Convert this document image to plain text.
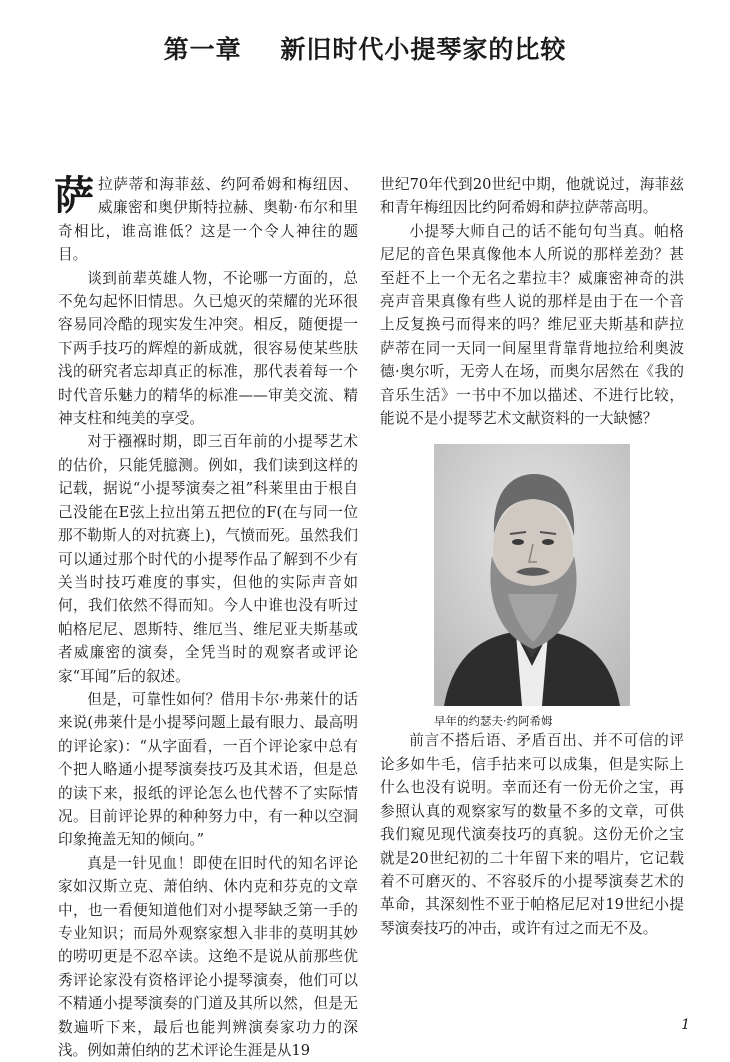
第一章    新旧时代小提琴家的比较

萨拉萨蒂和海菲兹、约阿希姆和梅纽因、威廉密和奥伊斯特拉赫、奥勒·布尔和里奇相比，谁高谁低？这是一个令人神往的题目。

谈到前辈英雄人物，不论哪一方面的，总不免勾起怀旧情思。久已熄灭的荣耀的光环很容易同冷酷的现实发生冲突。相反，随便提一下两手技巧的辉煌的新成就，很容易使某些肤浅的研究者忘却真正的标准，那代表着每一个时代音乐魅力的精华的标准——审美交流、精神支柱和纯美的享受。

对于襁褓时期，即三百年前的小提琴艺术的估价，只能凭臆测。例如，我们读到这样的记载，据说“小提琴演奏之祖”科莱里由于根自己没能在E弦上拉出第五把位的F(在与同一位那不勒斯人的对抗赛上)，气愤而死。虽然我们可以通过那个时代的小提琴作品了解到不少有关当时技巧难度的事实，但他的实际声音如何，我们依然不得而知。今人中谁也没有听过帕格尼尼、恩斯特、维厄当、维尼亚夫斯基或者威廉密的演奏，全凭当时的观察者或评论家“耳闻”后的叙述。

但是，可靠性如何？借用卡尔·弗莱什的话来说(弗莱什是小提琴问题上最有眼力、最高明的评论家)：“从字面看，一百个评论家中总有个把人略通小提琴演奏技巧及其术语，但是总的读下来，报纸的评论怎么也代替不了实际情况。目前评论界的种种努力中，有一种以空洞印象掩盖无知的倾向。”

真是一针见血！即使在旧时代的知名评论家如汉斯立克、萧伯纳、休内克和芬克的文章中，也一看便知道他们对小提琴缺乏第一手的专业知识；而局外观察家想入非非的莫明其妙的唠叨更是不忍卒读。这绝不是说从前那些优秀评论家没有资格评论小提琴演奏，他们可以不精通小提琴演奏的门道及其所以然，但是无数遍听下来，最后也能判辨演奏家功力的深浅。例如萧伯纳的艺术评论生涯是从19

世纪70年代到20世纪中期，他就说过，海菲兹和青年梅纽因比约阿希姆和萨拉萨蒂高明。

小提琴大师自己的话不能句句当真。帕格尼尼的音色果真像他本人所说的那样差劲？甚至赶不上一个无名之辈拉丰？威廉密神奇的洪亮声音果真像有些人说的那样是由于在一个音上反复换弓而得来的吗？维尼亚夫斯基和萨拉萨蒂在同一天同一间屋里背靠背地拉给利奥波德·奥尔听，无旁人在场，而奥尔居然在《我的音乐生活》一书中不加以描述、不进行比较，能说不是小提琴艺术文献资料的一大缺憾？

早年的约瑟夫·约阿希姆

前言不搭后语、矛盾百出、并不可信的评论多如牛毛，信手拈来可以成集，但是实际上什么也没有说明。幸而还有一份无价之宝，再参照认真的观察家写的数量不多的文章，可供我们窥见现代演奏技巧的真貌。这份无价之宝就是20世纪初的二十年留下来的唱片，它记载着不可磨灭的、不容驳斥的小提琴演奏艺术的革命，其深刻性不亚于帕格尼尼对19世纪小提琴演奏技巧的冲击，或许有过之而无不及。

1
